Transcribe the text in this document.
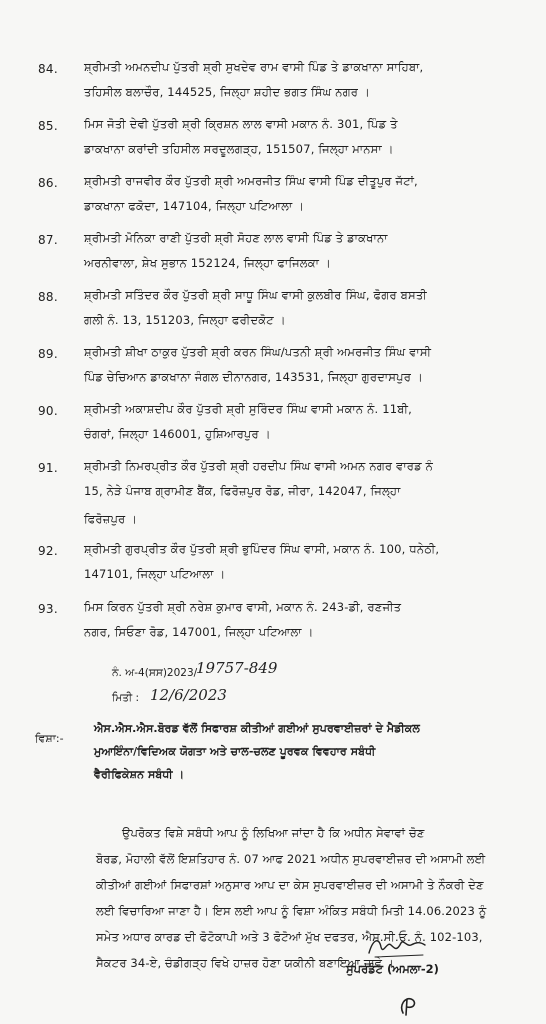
84. ਸ਼੍ਰੀਮਤੀ ਅਮਨਦੀਪ ਪੁੱਤਰੀ ਸ਼੍ਰੀ ਸੁਖਦੇਵ ਰਾਮ ਵਾਸੀ ਪਿੰਡ ਤੇ ਡਾਕਖਾਨਾ ਸਾਹਿਬਾ,
ਤਹਿਸੀਲ ਬਲਾਚੌਰ, 144525, ਜਿਲ੍ਹਾ ਸ਼ਹੀਦ ਭਗਤ ਸਿੰਘ ਨਗਰ ।
85. ਮਿਸ ਜੋਤੀ ਦੇਵੀ ਪੁੱਤਰੀ ਸ਼੍ਰੀ ਕ੍ਰਿਸ਼ਨ ਲਾਲ ਵਾਸੀ ਮਕਾਨ ਨੰ. 301, ਪਿੰਡ ਤੇ
ਡਾਕਖਾਨਾ ਕਰਾਂਦੀ ਤਹਿਸੀਲ ਸਰਦੂਲਗੜ੍ਹ, 151507, ਜਿਲ੍ਹਾ ਮਾਨਸਾ ।
86. ਸ਼੍ਰੀਮਤੀ ਰਾਜਵੀਰ ਕੌਰ ਪੁੱਤਰੀ ਸ਼੍ਰੀ ਅਮਰਜੀਤ ਸਿੰਘ ਵਾਸੀ ਪਿੰਡ ਦੀਤੂਪੁਰ ਜੱਟਾਂ,
ਡਾਕਖਾਨਾ ਫਕੋਦਾ, 147104, ਜਿਲ੍ਹਾ ਪਟਿਆਲਾ ।
87. ਸ਼੍ਰੀਮਤੀ ਮੋਨਿਕਾ ਰਾਣੀ ਪੁੱਤਰੀ ਸ਼੍ਰੀ ਸੋਹਣ ਲਾਲ ਵਾਸੀ ਪਿੰਡ ਤੇ ਡਾਕਖਾਨਾ
ਅਰਨੀਵਾਲਾ, ਸ਼ੇਖ ਸੁਭਾਨ 152124, ਜਿਲ੍ਹਾ ਫਾਜਿਲਕਾ ।
88. ਸ਼੍ਰੀਮਤੀ ਸਤਿੰਦਰ ਕੌਰ ਪੁੱਤਰੀ ਸ਼੍ਰੀ ਸਾਧੂ ਸਿੰਘ ਵਾਸੀ ਕੁਲਬੀਰ ਸਿੰਘ, ਫੋਗਰ ਬਸਤੀ
ਗਲੀ ਨੰ. 13, 151203, ਜਿਲ੍ਹਾ ਫਰੀਦਕੋਟ ।
89. ਸ਼੍ਰੀਮਤੀ ਸ਼ੀਖਾ ਠਾਕੁਰ ਪੁੱਤਰੀ ਸ਼੍ਰੀ ਕਰਨ ਸਿੰਘ/ਪਤਨੀ ਸ਼੍ਰੀ ਅਮਰਜੀਤ ਸਿੰਘ ਵਾਸੀ
ਪਿੰਡ ਚੇਚਿਆਨ ਡਾਕਖਾਨਾ ਜੰਗਲ ਦੀਨਾਨਗਰ, 143531, ਜਿਲ੍ਹਾ ਗੁਰਦਾਸਪੁਰ ।
90. ਸ਼੍ਰੀਮਤੀ ਅਕਾਸ਼ਦੀਪ ਕੌਰ ਪੁੱਤਰੀ ਸ਼੍ਰੀ ਸੁਰਿੰਦਰ ਸਿੰਘ ਵਾਸੀ ਮਕਾਨ ਨੰ. 11ਬੀ,
ਚੰਗਰਾਂ, ਜਿਲ੍ਹਾ 146001, ਹੁਸ਼ਿਆਰਪੁਰ ।
91. ਸ਼੍ਰੀਮਤੀ ਨਿਮਰਪ੍ਰੀਤ ਕੌਰ ਪੁੱਤਰੀ ਸ਼੍ਰੀ ਹਰਦੀਪ ਸਿੰਘ ਵਾਸੀ ਅਮਨ ਨਗਰ ਵਾਰਡ ਨੰ
15, ਨੇੜੇ ਪੰਜਾਬ ਗ੍ਰਾਮੀਣ ਬੈਂਕ, ਫਿਰੋਜ਼ਪੁਰ ਰੋਡ, ਜੀਰਾ, 142047, ਜਿਲ੍ਹਾ
ਫਿਰੋਜ਼ਪੁਰ ।
92. ਸ਼੍ਰੀਮਤੀ ਗੁਰਪ੍ਰੀਤ ਕੌਰ ਪੁੱਤਰੀ ਸ਼੍ਰੀ ਭੁਪਿੰਦਰ ਸਿੰਘ ਵਾਸੀ, ਮਕਾਨ ਨੰ. 100, ਧਨੇਠੀ,
147101, ਜਿਲ੍ਹਾ ਪਟਿਆਲਾ ।
93. ਮਿਸ ਕਿਰਨ ਪੁੱਤਰੀ ਸ਼੍ਰੀ ਨਰੇਸ਼ ਕੁਮਾਰ ਵਾਸੀ, ਮਕਾਨ ਨੰ. 243-ਡੀ, ਰਣਜੀਤ
ਨਗਰ, ਸਿਓਣਾ ਰੋਡ, 147001, ਜਿਲ੍ਹਾ ਪਟਿਆਲਾ ।
ਨੰ. ਅ-4(ਸਸ)2023/
19757-849
ਮਿਤੀ : 12/6/2023
ਵਿਸ਼ਾ:-
ਐਸ.ਐਸ.ਐਸ.ਬੋਰਡ ਵੱਲੋਂ ਸਿਫਾਰਸ਼ ਕੀਤੀਆਂ ਗਈਆਂ ਸੁਪਰਵਾਈਜ਼ਰਾਂ ਦੇ ਮੈਡੀਕਲ
ਮੁਆਇੰਨਾ/ਵਿਦਿਅਕ ਯੋਗਤਾ ਅਤੇ ਚਾਲ-ਚਲਣ ਪੂਰਵਕ ਵਿਵਹਾਰ ਸਬੰਧੀ
ਵੈਰੀਫਿਕੇਸ਼ਨ ਸਬੰਧੀ ।
ਉਪਰੋਕਤ ਵਿਸ਼ੇ ਸਬੰਧੀ ਆਪ ਨੂੰ ਲਿਖਿਆ ਜਾਂਦਾ ਹੈ ਕਿ ਅਧੀਨ ਸੇਵਾਵਾਂ ਚੋਣ
ਬੋਰਡ, ਮੋਹਾਲੀ ਵੱਲੋਂ ਇਸ਼ਤਿਹਾਰ ਨੰ. 07 ਆਫ 2021 ਅਧੀਨ ਸੁਪਰਵਾਈਜ਼ਰ ਦੀ ਅਸਾਮੀ ਲਈ
ਕੀਤੀਆਂ ਗਈਆਂ ਸਿਫਾਰਸ਼ਾਂ ਅਨੁਸਾਰ ਆਪ ਦਾ ਕੇਸ ਸੁਪਰਵਾਈਜ਼ਰ ਦੀ ਅਸਾਮੀ ਤੇ ਨੌਕਰੀ ਦੇਣ
ਲਈ ਵਿਚਾਰਿਆ ਜਾਣਾ ਹੈ। ਇਸ ਲਈ ਆਪ ਨੂੰ ਵਿਸ਼ਾ ਅੰਕਿਤ ਸਬੰਧੀ ਮਿਤੀ 14.06.2023 ਨੂੰ
ਸਮੇਤ ਅਧਾਰ ਕਾਰਡ ਦੀ ਫੋਟੋਕਾਪੀ ਅਤੇ 3 ਫੋਟੋਆਂ ਮੁੱਖ ਦਫਤਰ, ਐਸ.ਸੀ.ਓ. ਨੰ. 102-103,
ਸੈਕਟਰ 34-ਏ, ਚੰਡੀਗੜ੍ਹ ਵਿਖੇ ਹਾਜ਼ਰ ਹੋਣਾ ਯਕੀਨੀ ਬਣਾਇਆ ਜਾਵੇ ।
ਸੁਪਰਡੰਟ (ਅਮਲਾ-2)
